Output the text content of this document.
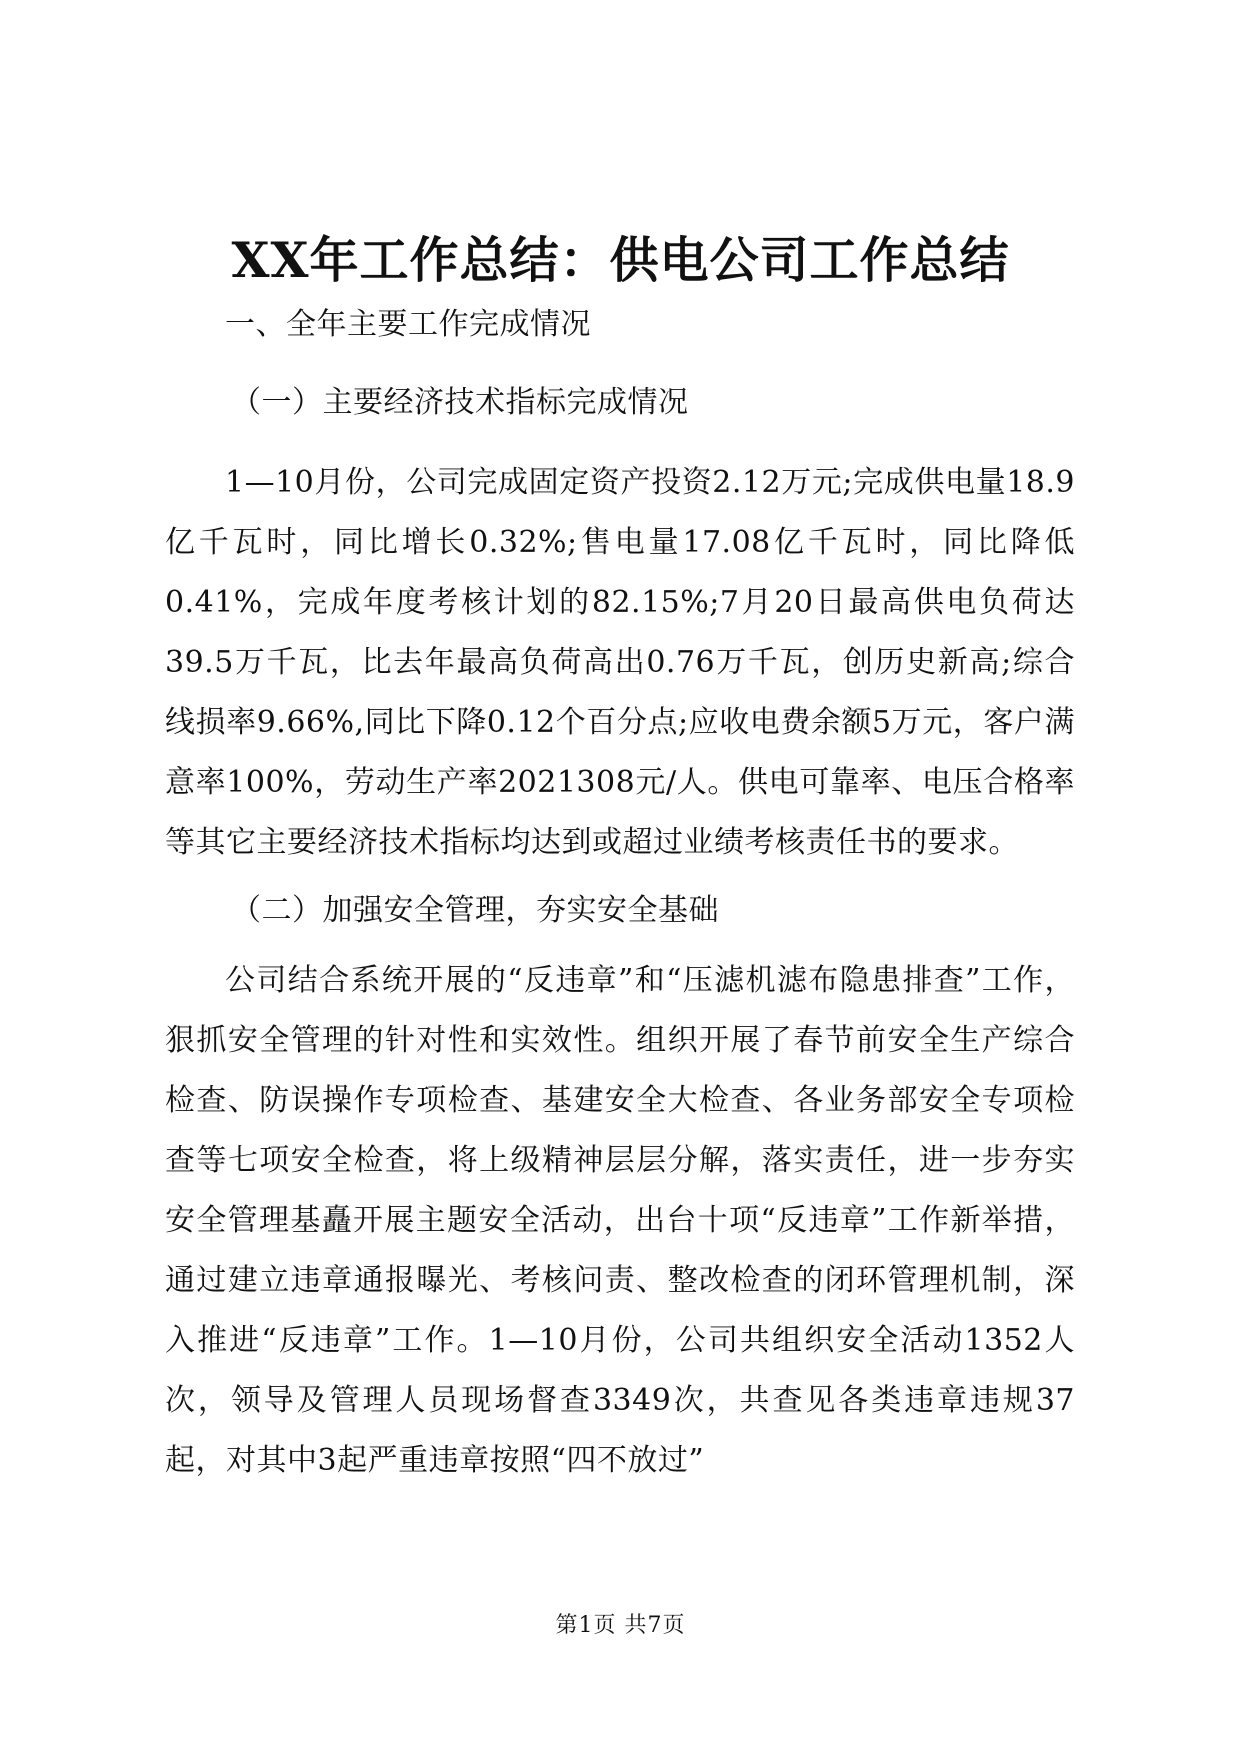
XX年工作总结：供电公司工作总结

一、全年主要工作完成情况

（一）主要经济技术指标完成情况

1—10月份，公司完成固定资产投资2.12万元;完成供电量18.9亿千瓦时，同比增长0.32%;售电量17.08亿千瓦时，同比降低0.41%，完成年度考核计划的82.15%;7月20日最高供电负荷达39.5万千瓦，比去年最高负荷高出0.76万千瓦，创历史新高;综合线损率9.66%,同比下降0.12个百分点;应收电费余额5万元，客户满意率100%，劳动生产率2021308元/人。供电可靠率、电压合格率等其它主要经济技术指标均达到或超过业绩考核责任书的要求。

（二）加强安全管理，夯实安全基础

公司结合系统开展的“反违章”和“压滤机滤布隐患排查”工作，狠抓安全管理的针对性和实效性。组织开展了春节前安全生产综合检查、防误操作专项检查、基建安全大检查、各业务部安全专项检查等七项安全检查，将上级精神层层分解，落实责任，进一步夯实安全管理基矗开展主题安全活动，出台十项“反违章”工作新举措，通过建立违章通报曝光、考核问责、整改检查的闭环管理机制，深入推进“反违章”工作。1—10月份，公司共组织安全活动1352人次，领导及管理人员现场督查3349次，共查见各类违章违规37起，对其中3起严重违章按照“四不放过”

第1页 共7页
